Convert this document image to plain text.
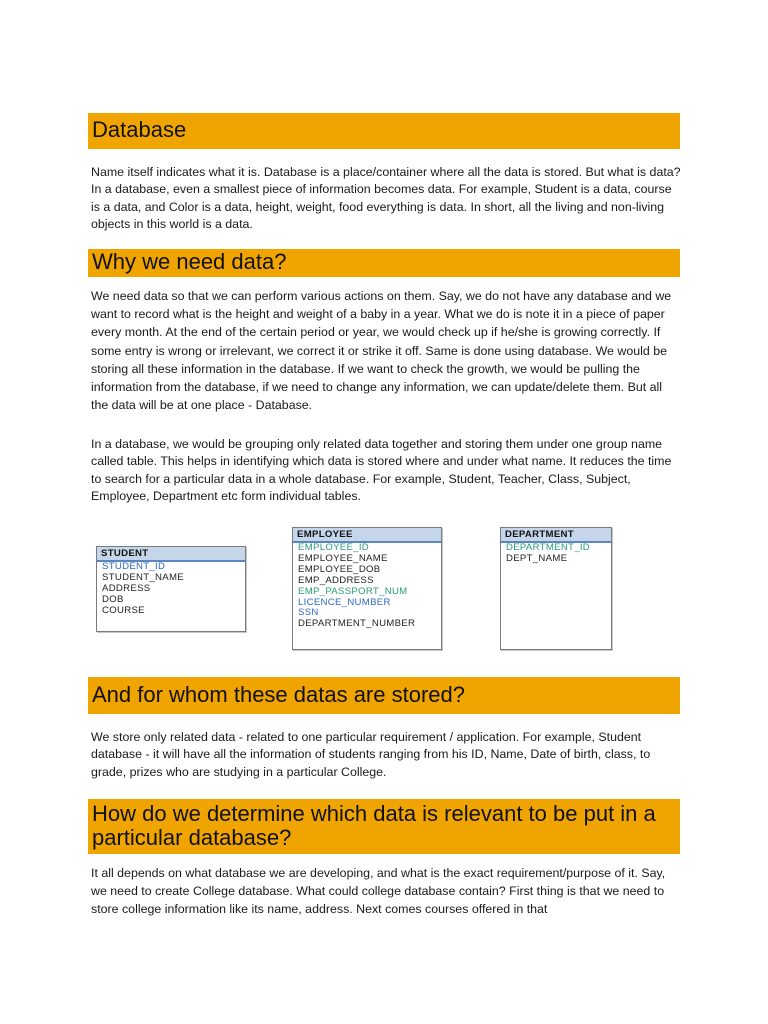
Database
Name itself indicates what it is. Database is a place/container where all the data is stored. But what is data? In a database, even a smallest piece of information becomes data. For example, Student is a data, course is a data, and Color is a data, height, weight, food everything is data. In short, all the living and non-living objects in this world is a data.
Why we need data?
We need data so that we can perform various actions on them. Say, we do not have any database and we want to record what is the height and weight of a baby in a year. What we do is note it in a piece of paper every month. At the end of the certain period or year, we would check up if he/she is growing correctly. If some entry is wrong or irrelevant, we correct it or strike it off. Same is done using database. We would be storing all these information in the database. If we want to check the growth, we would be pulling the information from the database, if we need to change any information, we can update/delete them. But all the data will be at one place - Database.
In a database, we would be grouping only related data together and storing them under one group name called table. This helps in identifying which data is stored where and under what name. It reduces the time to search for a particular data in a whole database. For example, Student, Teacher, Class, Subject, Employee, Department etc form individual tables.
STUDENT
STUDENT_ID
STUDENT_NAME
ADDRESS
DOB
COURSE
EMPLOYEE
EMPLOYEE_ID
EMPLOYEE_NAME
EMPLOYEE_DOB
EMP_ADDRESS
EMP_PASSPORT_NUM
LICENCE_NUMBER
SSN
DEPARTMENT_NUMBER
DEPARTMENT
DEPARTMENT_ID
DEPT_NAME
And for whom these datas are stored?
We store only related data - related to one particular requirement / application. For example, Student database - it will have all the information of students ranging from his ID, Name, Date of birth, class, to grade, prizes who are studying in a particular College.
How do we determine which data is relevant to be put in a particular database?
It all depends on what database we are developing, and what is the exact requirement/purpose of it. Say, we need to create College database. What could college database contain? First thing is that we need to store college information like its name, address. Next comes courses offered in that
